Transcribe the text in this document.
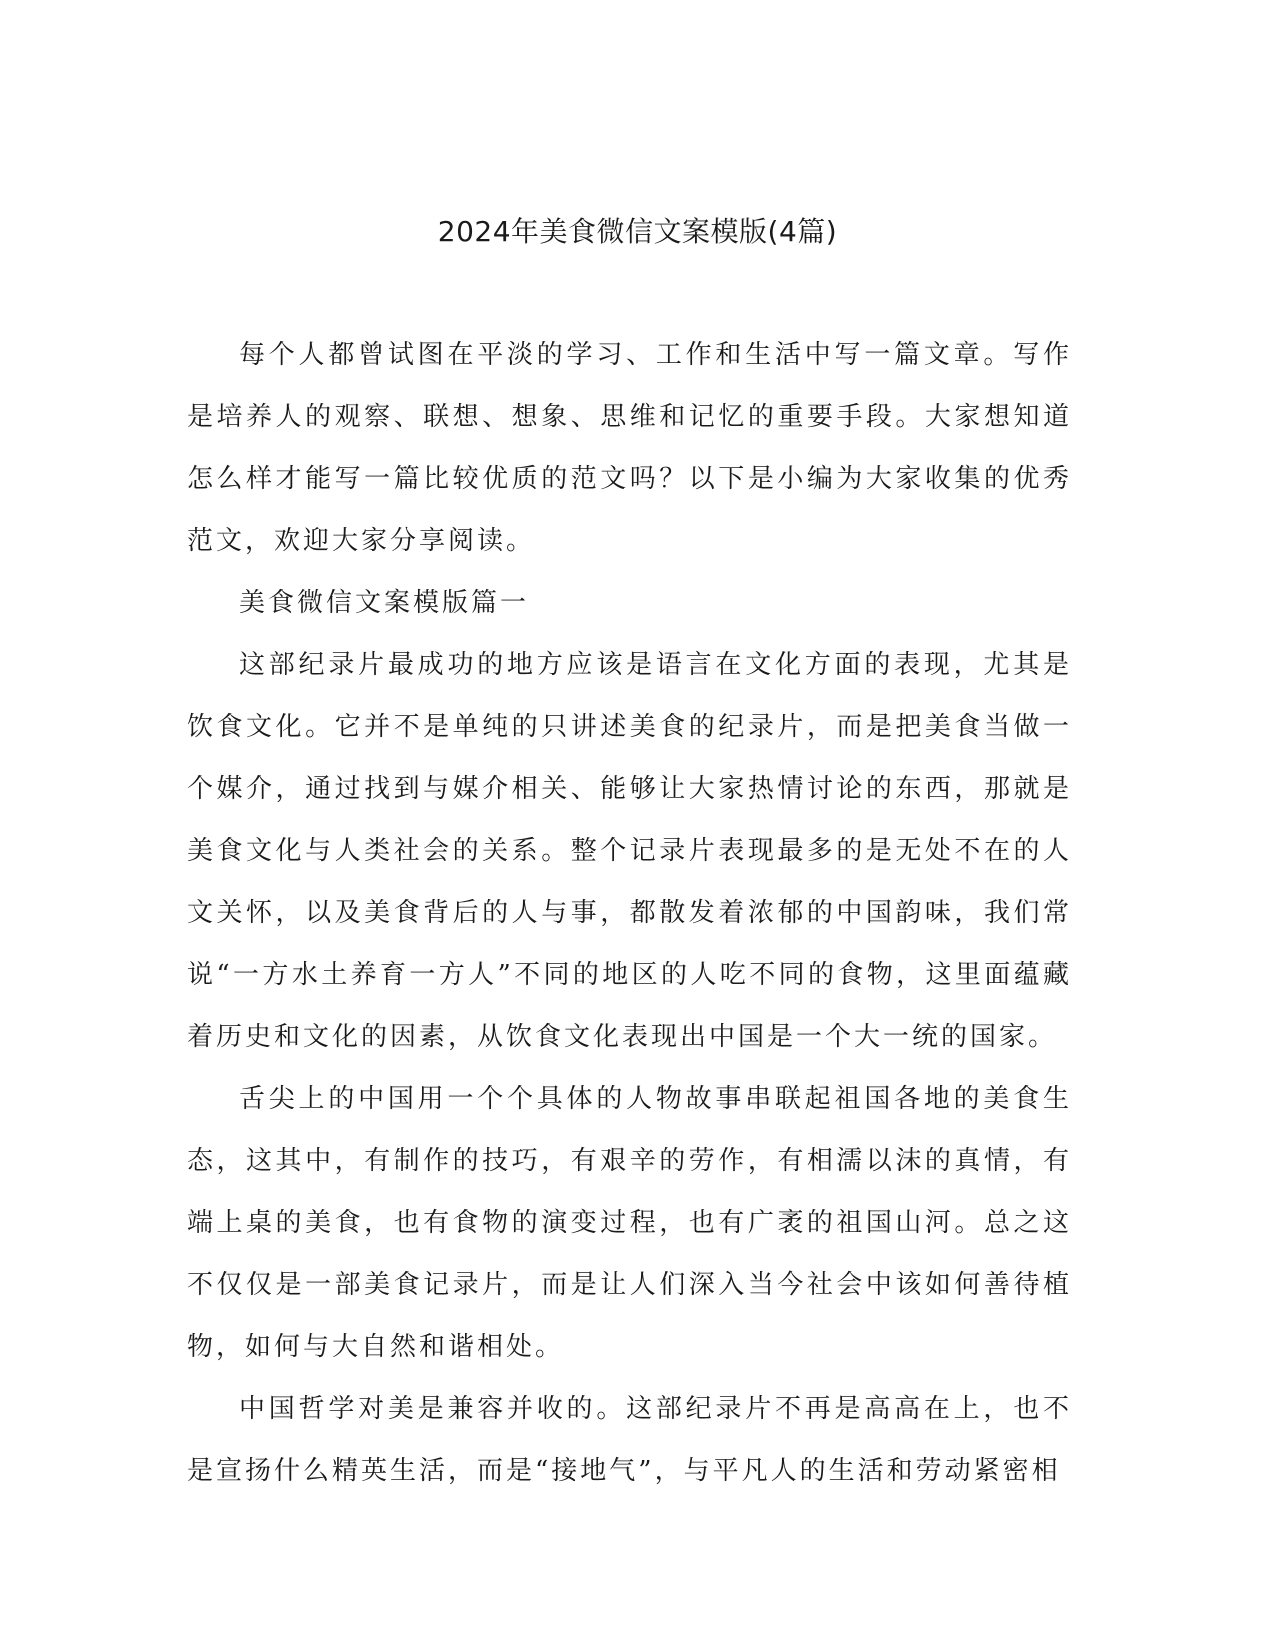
2024年美食微信文案模版(4篇)

每个人都曾试图在平淡的学习、工作和生活中写一篇文章。写作是培养人的观察、联想、想象、思维和记忆的重要手段。大家想知道怎么样才能写一篇比较优质的范文吗？以下是小编为大家收集的优秀范文，欢迎大家分享阅读。

美食微信文案模版篇一

这部纪录片最成功的地方应该是语言在文化方面的表现，尤其是饮食文化。它并不是单纯的只讲述美食的纪录片，而是把美食当做一个媒介，通过找到与媒介相关、能够让大家热情讨论的东西，那就是美食文化与人类社会的关系。整个记录片表现最多的是无处不在的人文关怀，以及美食背后的人与事，都散发着浓郁的中国韵味，我们常说“一方水土养育一方人”不同的地区的人吃不同的食物，这里面蕴藏着历史和文化的因素，从饮食文化表现出中国是一个大一统的国家。

舌尖上的中国用一个个具体的人物故事串联起祖国各地的美食生态，这其中，有制作的技巧，有艰辛的劳作，有相濡以沫的真情，有端上桌的美食，也有食物的演变过程，也有广袤的祖国山河。总之这不仅仅是一部美食记录片，而是让人们深入当今社会中该如何善待植物，如何与大自然和谐相处。

中国哲学对美是兼容并收的。这部纪录片不再是高高在上，也不是宣扬什么精英生活，而是“接地气”，与平凡人的生活和劳动紧密相
